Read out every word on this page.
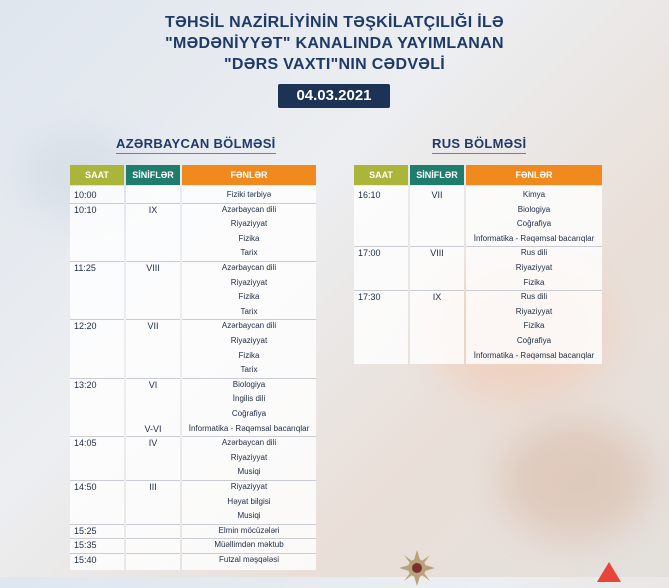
TƏHSİL NAZİRLİYİNİN TƏŞKİLATÇILIĞI İLƏ
"MƏDƏNİYYƏT" KANALINDA YAYIMLANAN
"DƏRS VAXTI"NIN CƏDVƏLİ
04.03.2021
AZƏRBAYCAN BÖLMƏSİ	RUS BÖLMƏSİ
SAAT	SİNİFLƏR	FƏNLƏR
10:00	Fiziki tərbiyə
10:10	IX	Azərbaycan dili
Riyaziyyat
Fizika
Tarix
11:25	VIII	Azərbaycan dili
Riyaziyyat
Fizika
Tarix
12:20	VII	Azərbaycan dili
Riyaziyyat
Fizika
Tarix
13:20	VI	Biologiya
İngilis dili
Coğrafiya
V-VI	İnformatika - Rəqəmsal bacarıqlar
14:05	IV	Azərbaycan dili
Riyaziyyat
Musiqi
14:50	III	Riyaziyyat
Həyat bilgisi
Musiqi
15:25	Elmin möcüzələri
15:35	Müəllimdən məktub
15:40	Futzal məşqələsi
SAAT	SİNİFLƏR	FƏNLƏR
16:10	VII	Kimya
Biologiya
Coğrafiya
İnformatika - Rəqəmsal bacarıqlar
17:00	VIII	Rus dili
Riyaziyyat
Fizika
17:30	IX	Rus dili
Riyaziyyat
Fizika
Coğrafiya
İnformatika - Rəqəmsal bacarıqlar
